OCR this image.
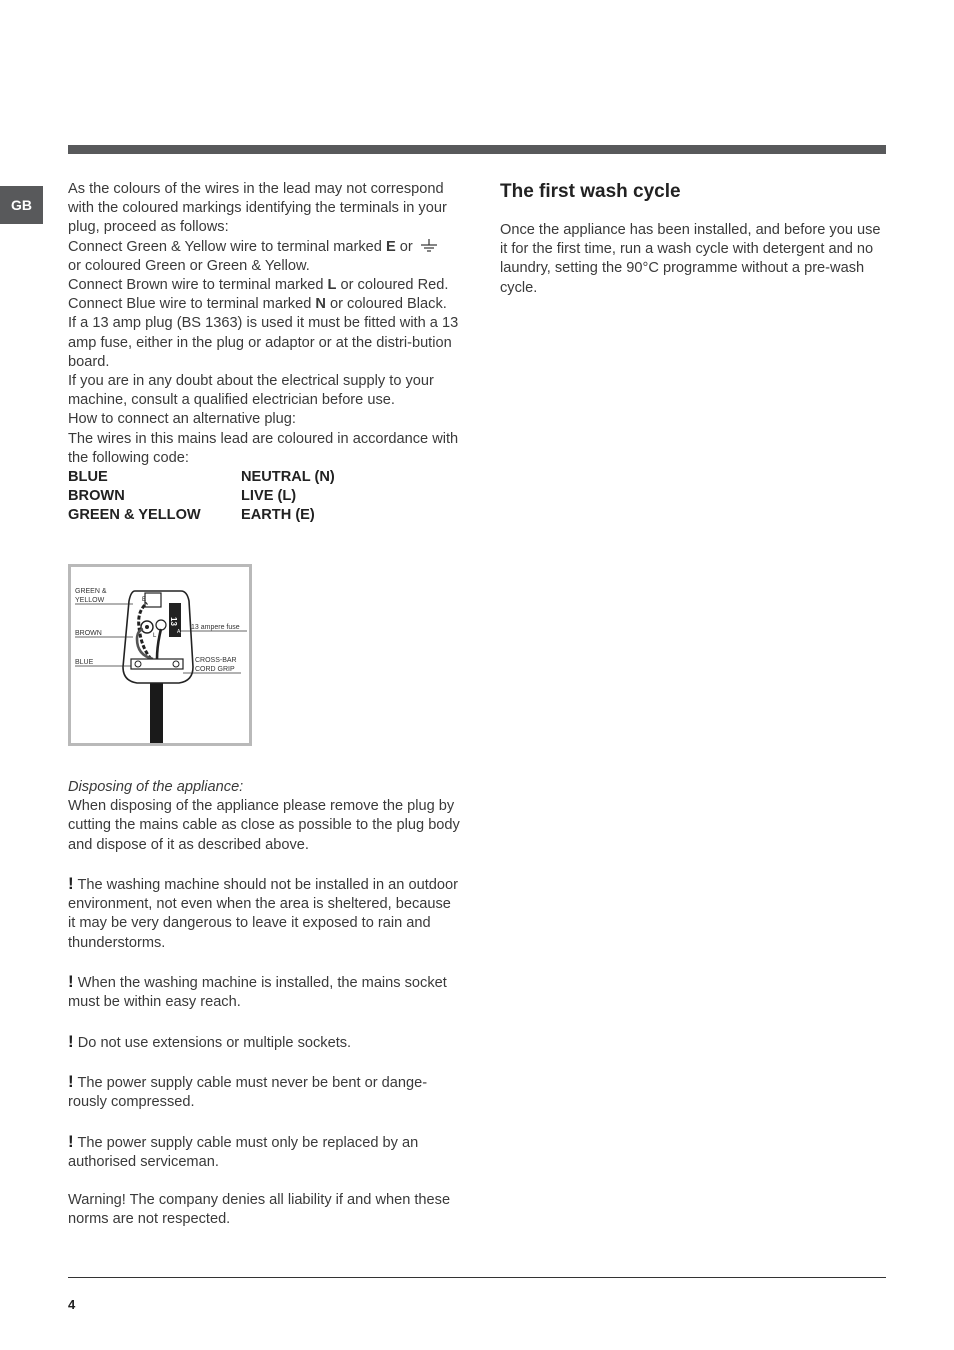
GB

As the colours of the wires in the lead may not correspond with the coloured markings identifying the terminals in your plug, proceed as follows:

Connect Green & Yellow wire to terminal marked E or
or coloured Green or Green & Yellow.

Connect Brown wire to terminal marked L or coloured Red.

Connect Blue wire to terminal marked N or coloured Black.

If a 13 amp plug (BS 1363) is used it must be fitted with a 13 amp fuse, either in the plug or adaptor or at the distri-bution board.

If you are in any doubt about the electrical supply to your machine, consult a qualified electrician before use.

How to connect an alternative plug:

The wires in this mains lead are coloured in accordance with the following code:

BLUE	NEUTRAL (N)
BROWN	LIVE (L)
GREEN & YELLOW	EARTH (E)
E
13
A
L
GREEN &
YELLOW
BROWN
BLUE
13 ampere fuse
CROSS-BAR
CORD GRIP

Disposing of the appliance:

When disposing of the appliance please remove the plug by cutting the mains cable as close as possible to the plug body and dispose of it as described above.

! The washing machine should not be installed in an outdoor environment, not even when the area is sheltered, because it may be very dangerous to leave it exposed to rain and thunderstorms.

! When the washing machine is installed, the mains socket must be within easy reach.

! Do not use extensions or multiple sockets.

! The power supply cable must never be bent or dange-rously compressed.

! The power supply cable must only be replaced by an authorised serviceman.

Warning! The company denies all liability if and when these norms are not respected.

The first wash cycle

Once the appliance has been installed, and before you use it for the first time, run a wash cycle with detergent and no laundry, setting the 90°C programme without a pre-wash cycle.

4
